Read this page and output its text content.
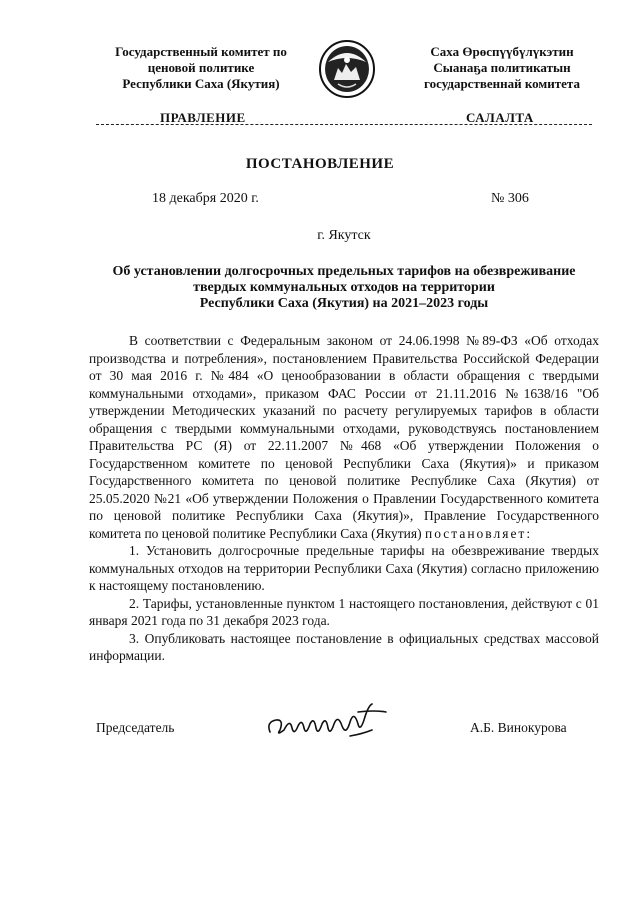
Государственный комитет по
ценовой политике
Республики Саха (Якутия)
Саха Өрөспүүбүлүкэтин
Сыанаҕа политикатын
государственнай комитета
ПРАВЛЕНИЕ	САЛАЛТА
ПОСТАНОВЛЕНИЕ
18 декабря 2020 г.	№ 306
г. Якутск
Об установлении долгосрочных предельных тарифов на обезвреживание
твердых коммунальных отходов на территории
Республики Саха (Якутия) на 2021–2023 годы

В соответствии с Федеральным законом от 24.06.1998 №89-ФЗ «Об отходах производства и потребления», постановлением Правительства Российской Федерации от 30 мая 2016 г. №484 «О ценообразовании в области обращения с твердыми коммунальными отходами», приказом ФАС России от 21.11.2016 №1638/16 "Об утверждении Методических указаний по расчету регулируемых тарифов в области обращения с твердыми коммунальными отходами, руководствуясь постановлением Правительства РС (Я) от 22.11.2007 №468 «Об утверждении Положения о Государственном комитете по ценовой Республики Саха (Якутия)» и приказом Государственного комитета по ценовой политике Республике Саха (Якутия) от 25.05.2020 №21 «Об утверждении Положения о Правлении Государственного комитета по ценовой политике Республики Саха (Якутия)», Правление Государственного комитета по ценовой политике Республики Саха (Якутия) постановляет:

1. Установить долгосрочные предельные тарифы на обезвреживание твердых коммунальных отходов на территории Республики Саха (Якутия) согласно приложению к настоящему постановлению.

2. Тарифы, установленные пунктом 1 настоящего постановления, действуют с 01 января 2021 года по 31 декабря 2023 года.

3. Опубликовать настоящее постановление в официальных средствах массовой информации.

Председатель	А.Б. Винокурова
